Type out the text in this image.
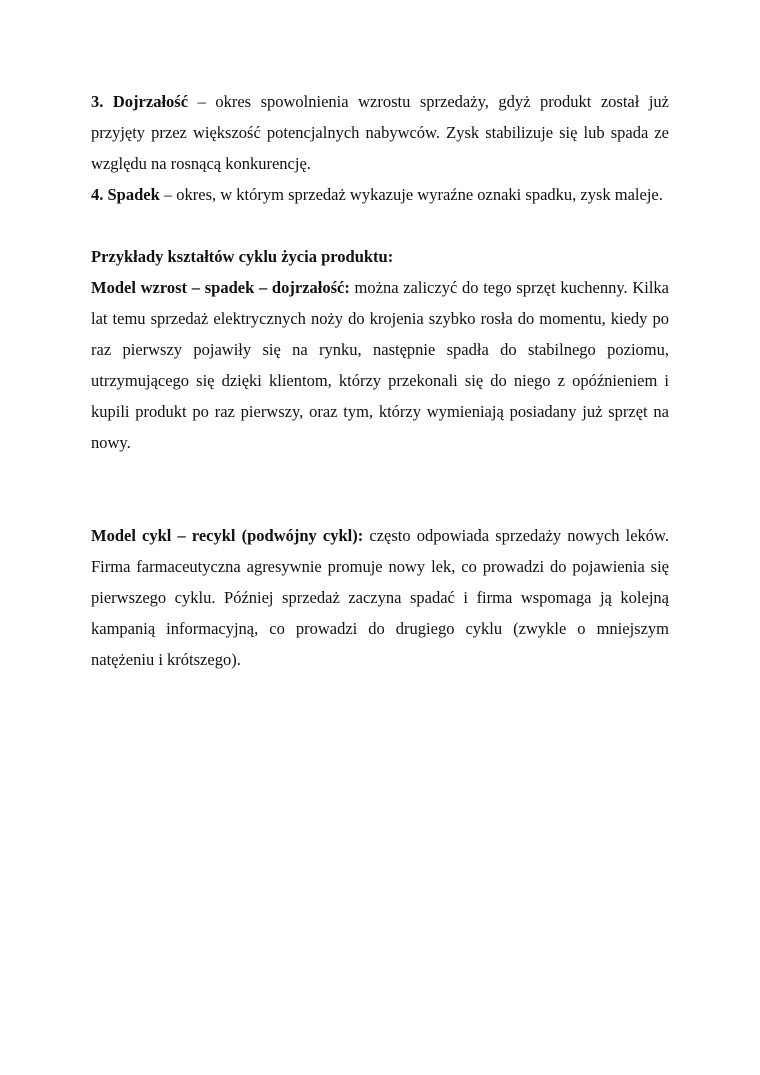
3. Dojrzałość – okres spowolnienia wzrostu sprzedaży, gdyż produkt został już przyjęty przez większość potencjalnych nabywców. Zysk stabilizuje się lub spada ze względu na rosnącą konkurencję.

4. Spadek – okres, w którym sprzedaż wykazuje wyraźne oznaki spadku, zysk maleje.

Przykłady kształtów cyklu życia produktu:

Model wzrost – spadek – dojrzałość: można zaliczyć do tego sprzęt kuchenny. Kilka lat temu sprzedaż elektrycznych noży do krojenia szybko rosła do momentu, kiedy po raz pierwszy pojawiły się na rynku, następnie spadła do stabilnego poziomu, utrzymującego się dzięki klientom, którzy przekonali się do niego z opóźnieniem i kupili produkt po raz pierwszy, oraz tym, którzy wymieniają posiadany już sprzęt na nowy.

Model cykl – recykl (podwójny cykl): często odpowiada sprzedaży nowych leków. Firma farmaceutyczna agresywnie promuje nowy lek, co prowadzi do pojawienia się pierwszego cyklu. Później sprzedaż zaczyna spadać i firma wspomaga ją kolejną kampanią informacyjną, co prowadzi do drugiego cyklu (zwykle o mniejszym natężeniu i krótszego).
